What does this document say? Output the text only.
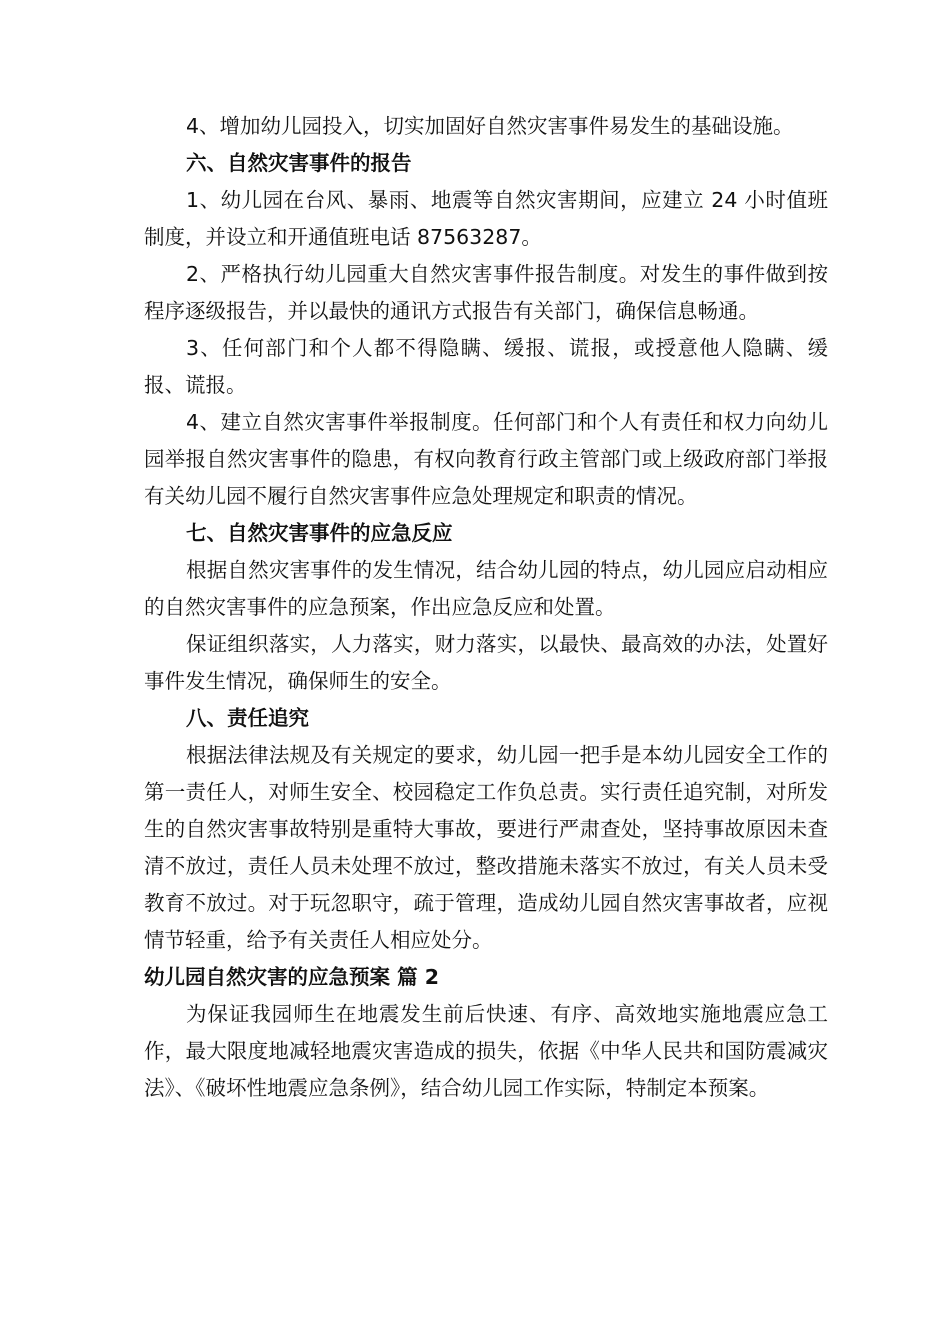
4、增加幼儿园投入，切实加固好自然灾害事件易发生的基础设施。

六、自然灾害事件的报告

1、幼儿园在台风、暴雨、地震等自然灾害期间，应建立 24 小时值班制度，并设立和开通值班电话 87563287。

2、严格执行幼儿园重大自然灾害事件报告制度。对发生的事件做到按程序逐级报告，并以最快的通讯方式报告有关部门，确保信息畅通。

3、任何部门和个人都不得隐瞒、缓报、谎报，或授意他人隐瞒、缓报、谎报。

4、建立自然灾害事件举报制度。任何部门和个人有责任和权力向幼儿园举报自然灾害事件的隐患，有权向教育行政主管部门或上级政府部门举报有关幼儿园不履行自然灾害事件应急处理规定和职责的情况。

七、自然灾害事件的应急反应

根据自然灾害事件的发生情况，结合幼儿园的特点，幼儿园应启动相应的自然灾害事件的应急预案，作出应急反应和处置。

保证组织落实，人力落实，财力落实，以最快、最高效的办法，处置好事件发生情况，确保师生的安全。

八、责任追究

根据法律法规及有关规定的要求，幼儿园一把手是本幼儿园安全工作的第一责任人，对师生安全、校园稳定工作负总责。实行责任追究制，对所发生的自然灾害事故特别是重特大事故，要进行严肃查处，坚持事故原因未查清不放过，责任人员未处理不放过，整改措施未落实不放过，有关人员未受教育不放过。对于玩忽职守，疏于管理，造成幼儿园自然灾害事故者，应视情节轻重，给予有关责任人相应处分。

幼儿园自然灾害的应急预案 篇 2

为保证我园师生在地震发生前后快速、有序、高效地实施地震应急工作，最大限度地减轻地震灾害造成的损失，依据《中华人民共和国防震减灾法》、《破坏性地震应急条例》，结合幼儿园工作实际，特制定本预案。
